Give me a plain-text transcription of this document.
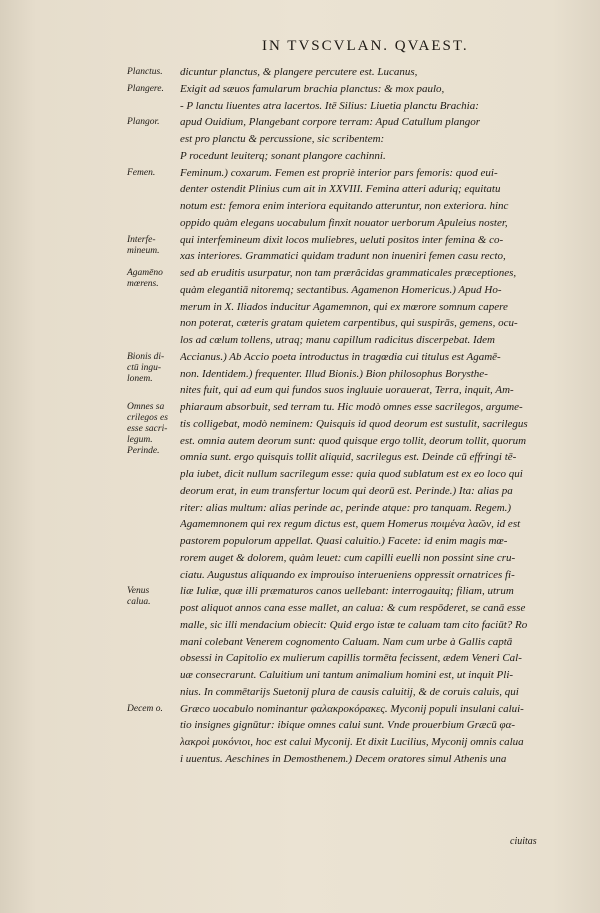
IN TVSCVLAN. QVAEST.
Planctus.
Plangere.
Plangor.
Femen.
Interfe-
mineum.
Agamēno
mœrens.
Bionis di-
ctū ingu-
lonem.
Omnes sa
crilegos es
esse sacri-
legum.
Perinde.
Venus
calua.
Decem o.
dicuntur planctus, & plangere percutere est. Lucanus,
Exigit ad sæuos famularum brachia planctus: & mox paulo,
- P lanctu liuentes atra lacertos. Itē Silius: Liuetia planctu Brachia:
apud Ouidium, Plangebant corpore terram: Apud Catullum plangor
est pro planctu & percussione, sic scribentem:
P rocedunt leuiterq; sonant plangore cachinni.
Feminum.) coxarum. Femen est propriè interior pars femoris: quod eui-
denter ostendit Plinius cum ait in XXVIII. Femina atteri aduriq; equitatu
notum est: femora enim interiora equitando atteruntur, non exteriora. hinc
oppido quàm elegans uocabulum finxit nouator uerborum Apuleius noster,
qui interfemineum dixit locos muliebres, ueluti positos inter femina & co-
xas interiores. Grammatici quidam tradunt non inueniri femen casu recto,
sed ab eruditis usurpatur, non tam prærâcidas grammaticales præceptiones,
quàm elegantiā nitoremq; sectantibus. Agamenon Homericus.) Apud Ho-
merum in X. Iliados inducitur Agamemnon, qui ex mœrore somnum capere
non poterat, cæteris gratam quietem carpentibus, qui suspirās, gemens, ocu-
los ad cœlum tollens, utraq; manu capillum radicitus discerpebat. Idem
Accianus.) Ab Accio poeta introductus in tragœdia cui titulus est Agamē-
non. Identidem.) frequenter. Illud Bionis.) Bion philosophus Borysthe-
nites fuit, qui ad eum qui fundos suos ingluuie uorauerat, Terra, inquit, Am-
phiaraum absorbuit, sed terram tu. Hic modò omnes esse sacrilegos, argume-
tis colligebat, modò neminem: Quisquis id quod deorum est sustulit, sacrilegus
est. omnia autem deorum sunt: quod quisque ergo tollit, deorum tollit, quorum
omnia sunt. ergo quisquis tollit aliquid, sacrilegus est. Deinde cū effringi tē-
pla iubet, dicit nullum sacrilegum esse: quia quod sublatum est ex eo loco qui
deorum erat, in eum transfertur locum qui deorū est. Perinde.) Ita: alias pa
riter: alias multum: alias perinde ac, perinde atque: pro tanquam. Regem.)
Agamemnonem qui rex regum dictus est, quem Homerus ποιμένα λαῶν, id est
pastorem populorum appellat. Quasi caluitio.) Facete: id enim magis mœ-
rorem auget & dolorem, quàm leuet: cum capilli euelli non possint sine cru-
ciatu. Augustus aliquando ex improuiso interueniens oppressit ornatrices fi-
liæ Iuliæ, quæ illi præmaturos canos uellebant: interrogauitq; filiam, utrum
post aliquot annos cana esse mallet, an calua: & cum respōderet, se canā esse
malle, sic illi mendacium obiecit: Quid ergo istæ te caluam tam cito faciūt? Ro
mani colebant Venerem cognomento Caluam. Nam cum urbe à Gallis captā
obsessi in Capitolio ex mulierum capillis tormēta fecissent, ædem Veneri Cal-
uæ consecrarunt. Caluitium uni tantum animalium homini est, ut inquit Pli-
nius. In commētarijs Suetonij plura de causis caluitij, & de coruis caluis, qui
Græco uocabulo nominantur φαλακροκόρακες. Myconij populi insulani calui-
tio insignes gignūtur: ibique omnes calui sunt. Vnde prouerbium Græcū φα-
λακροὶ μυκόνιοι, hoc est calui Myconij. Et dixit Lucilius, Myconij omnis calua
i uuentus. Aeschines in Demosthenem.) Decem oratores simul Athenis una
ciuitas
